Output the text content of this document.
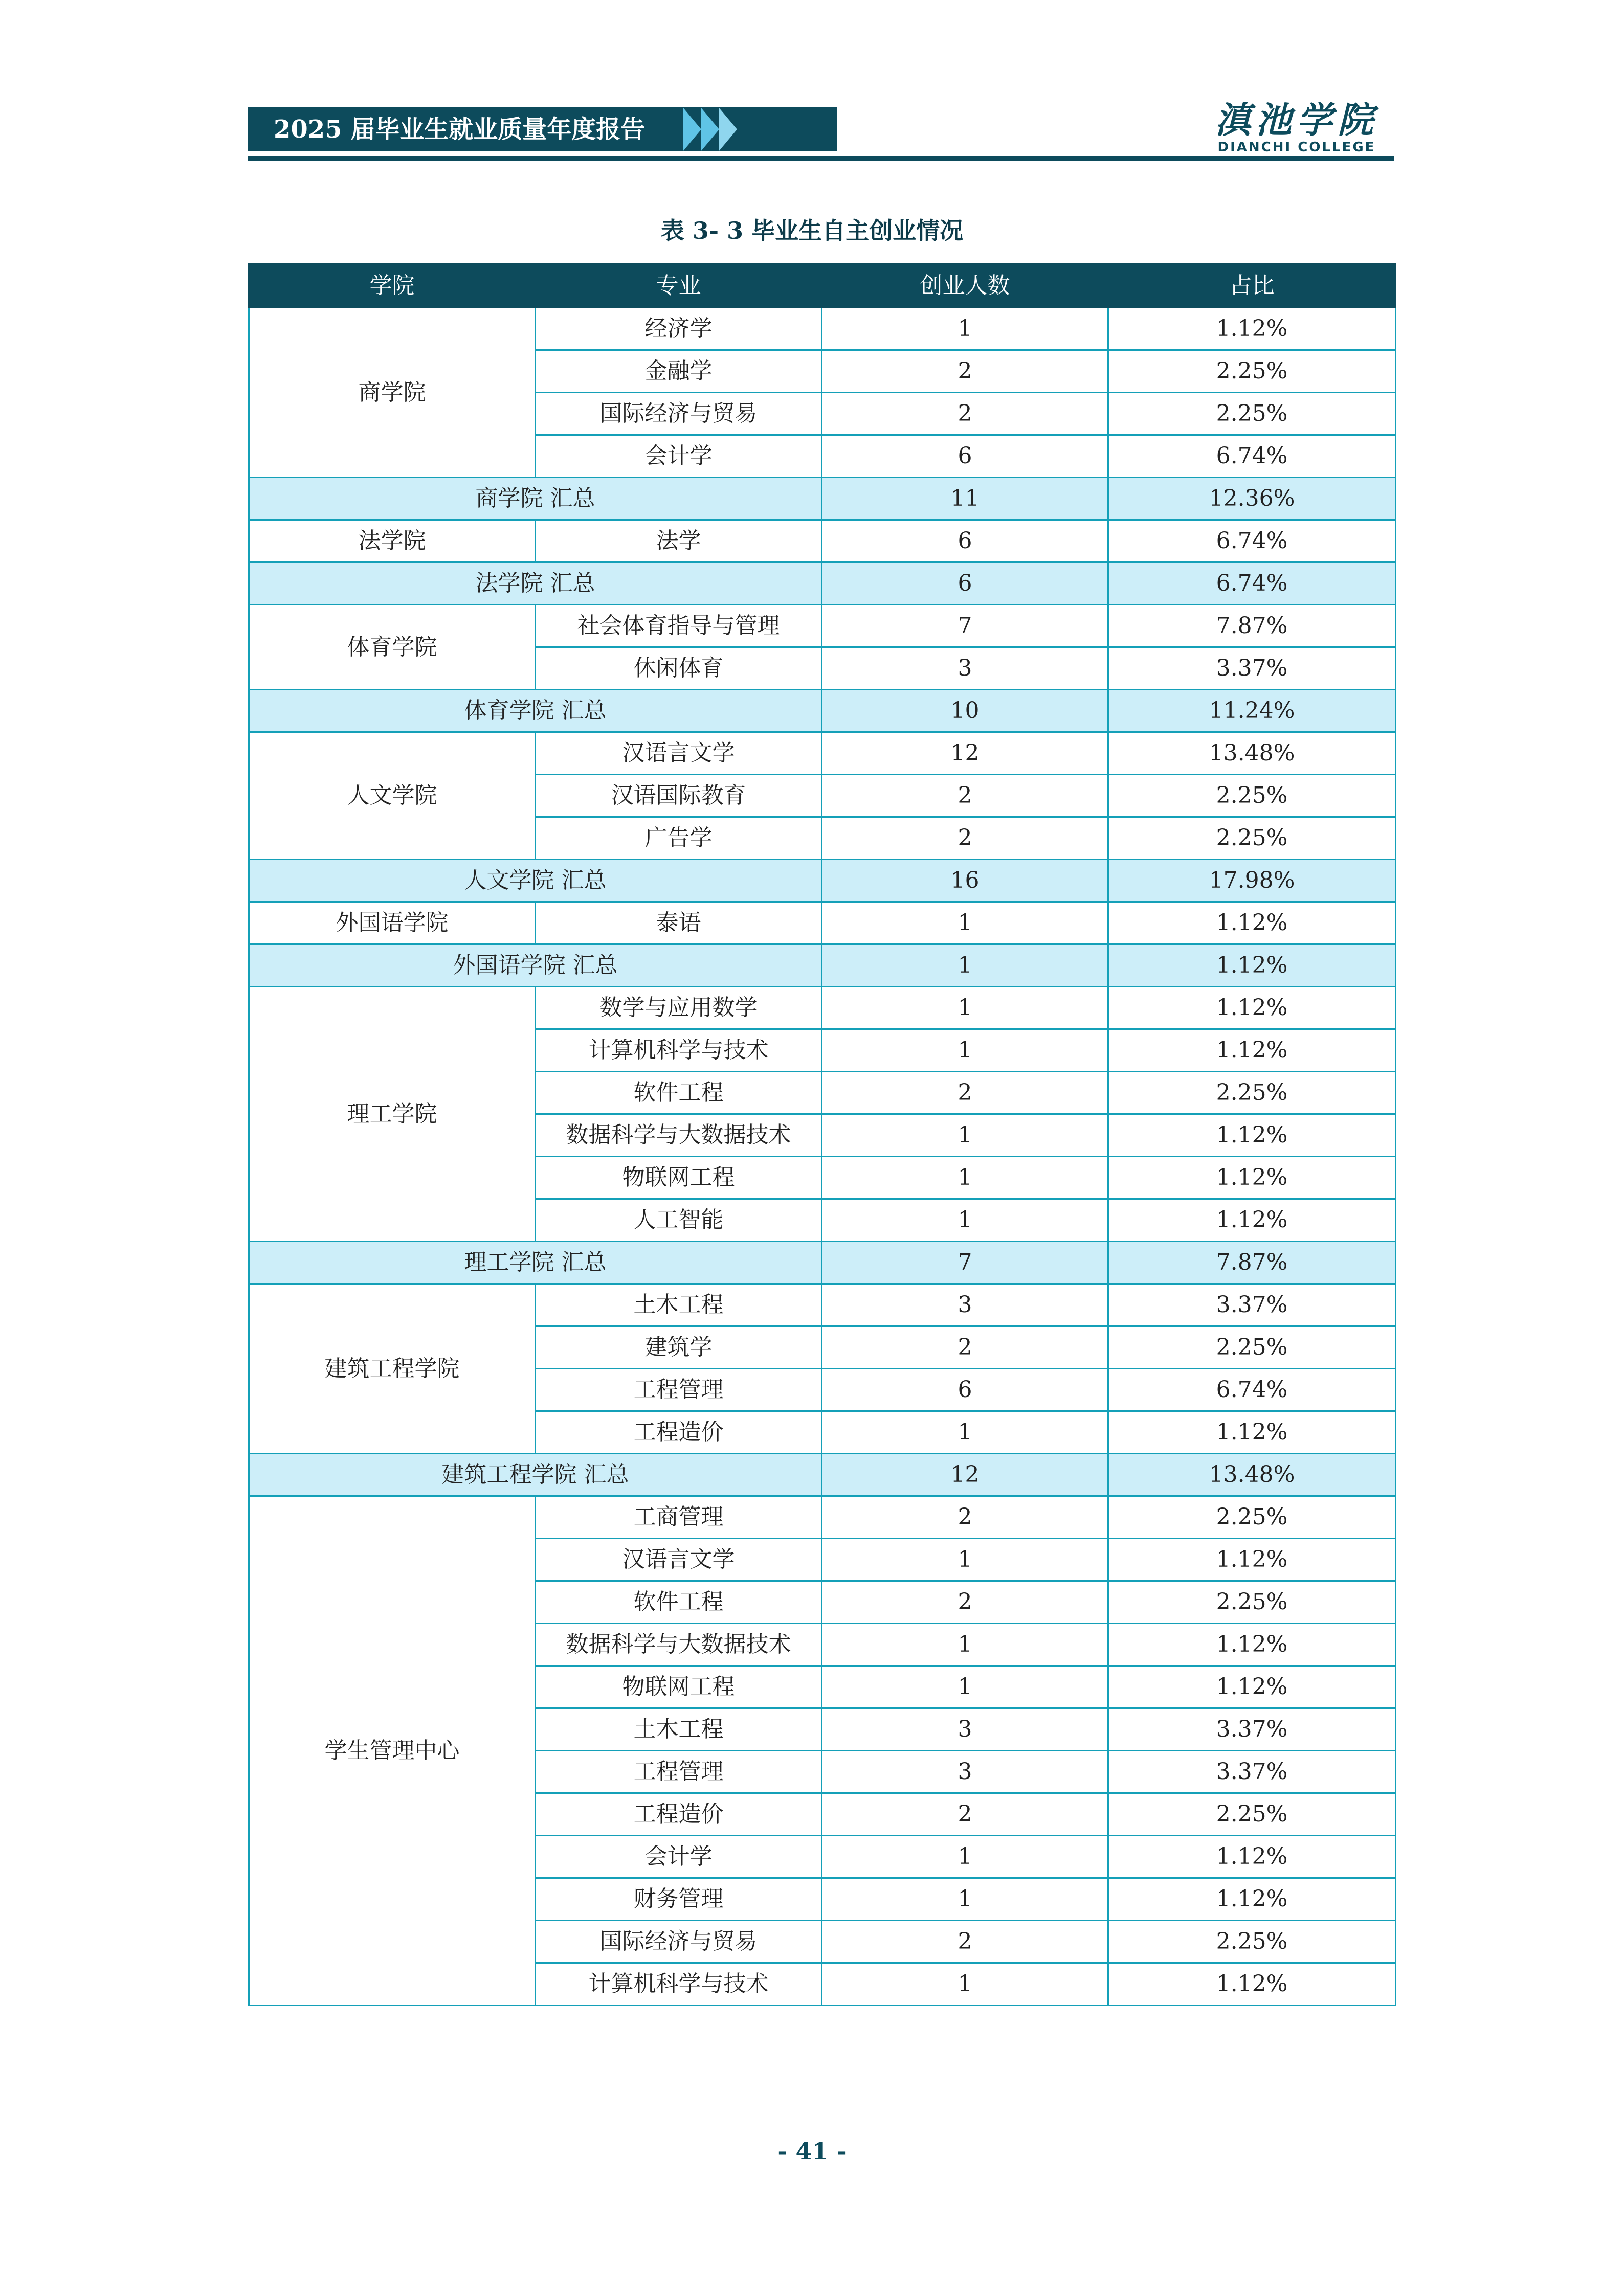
2025 届毕业生就业质量年度报告	滇池学院
DIANCHI COLLEGE
表 3- 3 毕业生自主创业情况
学院	专业	创业人数	占比
商学院	经济学	1	1.12%
	金融学	2	2.25%
	国际经济与贸易	2	2.25%
	会计学	6	6.74%
商学院 汇总		11	12.36%
法学院	法学	6	6.74%
法学院 汇总		6	6.74%
体育学院	社会体育指导与管理	7	7.87%
	休闲体育	3	3.37%
体育学院 汇总		10	11.24%
人文学院	汉语言文学	12	13.48%
	汉语国际教育	2	2.25%
	广告学	2	2.25%
人文学院 汇总		16	17.98%
外国语学院	泰语	1	1.12%
外国语学院 汇总		1	1.12%
理工学院	数学与应用数学	1	1.12%
	计算机科学与技术	1	1.12%
	软件工程	2	2.25%
	数据科学与大数据技术	1	1.12%
	物联网工程	1	1.12%
	人工智能	1	1.12%
理工学院 汇总		7	7.87%
建筑工程学院	土木工程	3	3.37%
	建筑学	2	2.25%
	工程管理	6	6.74%
	工程造价	1	1.12%
建筑工程学院 汇总		12	13.48%
学生管理中心	工商管理	2	2.25%
	汉语言文学	1	1.12%
	软件工程	2	2.25%
	数据科学与大数据技术	1	1.12%
	物联网工程	1	1.12%
	土木工程	3	3.37%
	工程管理	3	3.37%
	工程造价	2	2.25%
	会计学	1	1.12%
	财务管理	1	1.12%
	国际经济与贸易	2	2.25%
	计算机科学与技术	1	1.12%
- 41 -
